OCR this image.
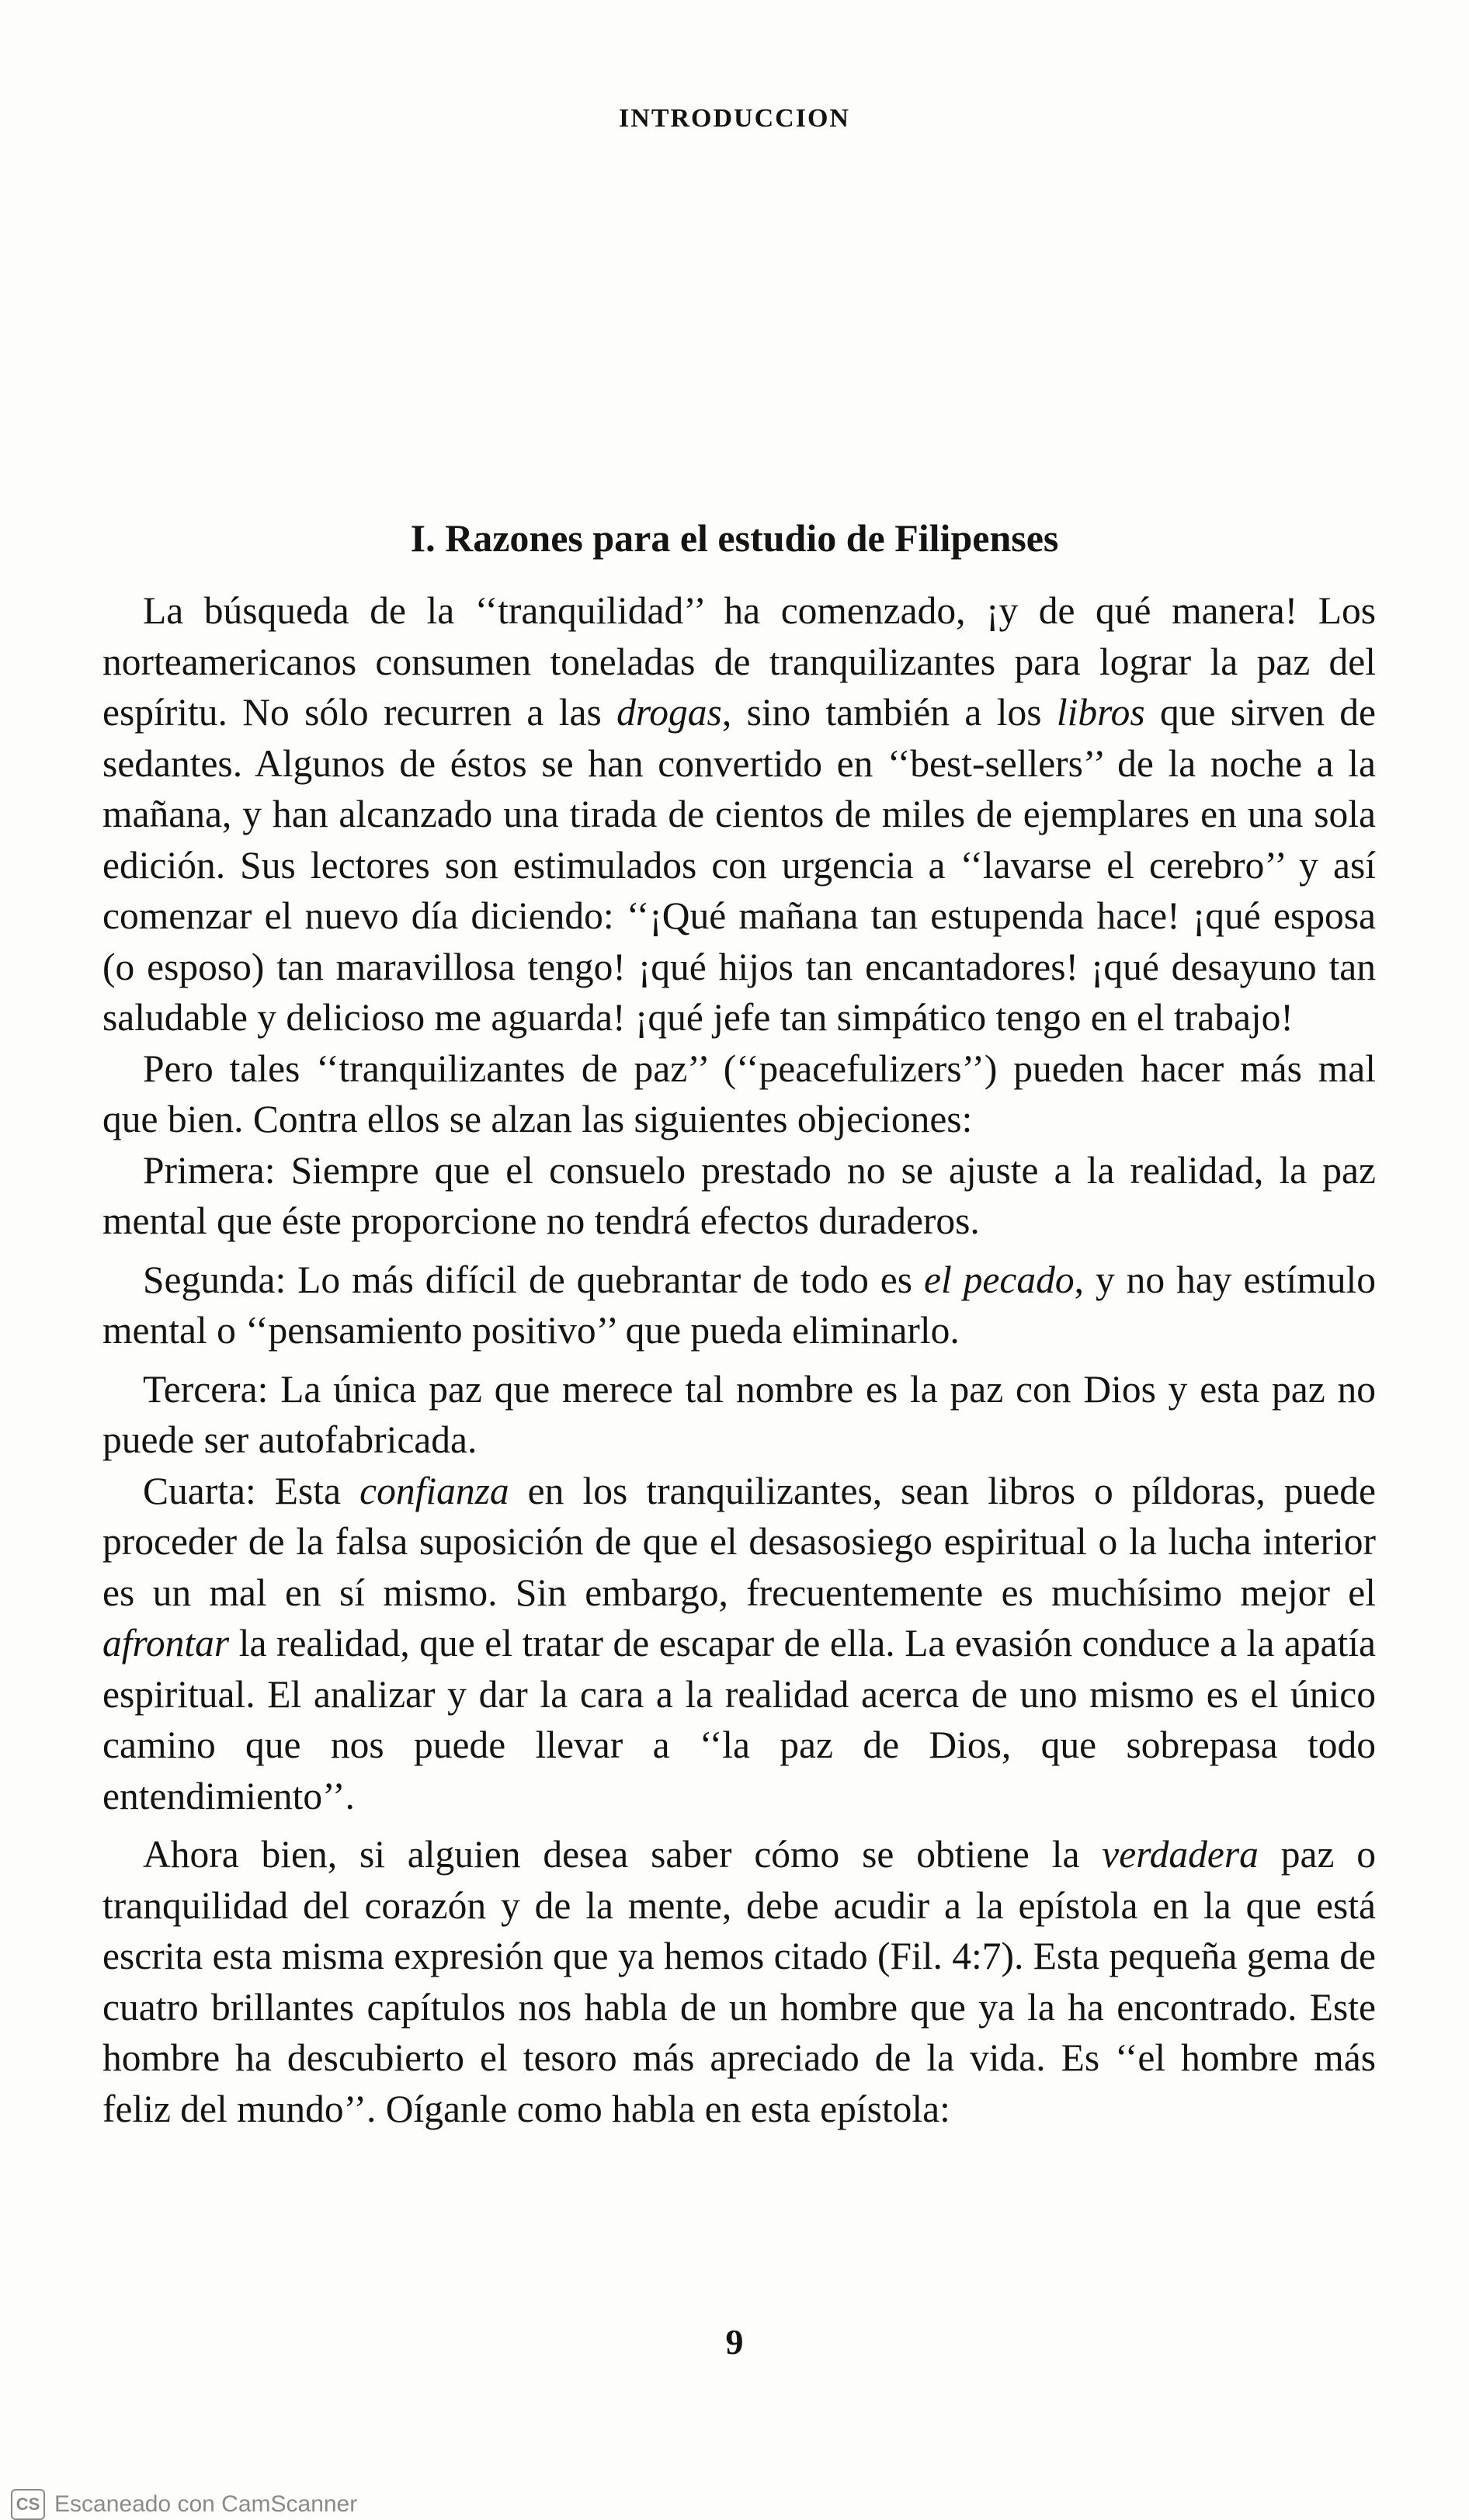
INTRODUCCION
I. Razones para el estudio de Filipenses

La búsqueda de la ‘‘tranquilidad’’ ha comenzado, ¡y de qué manera! Los norteamericanos consumen toneladas de tranquilizantes para lograr la paz del espíritu. No sólo recurren a las drogas, sino también a los libros que sirven de sedantes. Algunos de éstos se han convertido en ‘‘best-sellers’’ de la noche a la mañana, y han alcanzado una tirada de cientos de miles de ejemplares en una sola edición. Sus lectores son estimulados con urgencia a ‘‘lavarse el cerebro’’ y así comenzar el nuevo día diciendo: ‘‘¡Qué mañana tan estupenda hace! ¡qué esposa (o esposo) tan maravillosa tengo! ¡qué hijos tan encantadores! ¡qué desayuno tan saludable y delicioso me aguarda! ¡qué jefe tan simpático tengo en el trabajo!

Pero tales ‘‘tranquilizantes de paz’’ (‘‘peacefulizers’’) pueden hacer más mal que bien. Contra ellos se alzan las siguientes objeciones:

Primera: Siempre que el consuelo prestado no se ajuste a la realidad, la paz mental que éste proporcione no tendrá efectos duraderos.

Segunda: Lo más difícil de quebrantar de todo es el pecado, y no hay estímulo mental o ‘‘pensamiento positivo’’ que pueda eliminarlo.

Tercera: La única paz que merece tal nombre es la paz con Dios y esta paz no puede ser autofabricada.

Cuarta: Esta confianza en los tranquilizantes, sean libros o píldoras, puede proceder de la falsa suposición de que el desasosiego espiritual o la lucha interior es un mal en sí mismo. Sin embargo, frecuentemente es muchísimo mejor el afrontar la realidad, que el tratar de escapar de ella. La evasión conduce a la apatía espiritual. El analizar y dar la cara a la realidad acerca de uno mismo es el único camino que nos puede llevar a ‘‘la paz de Dios, que sobrepasa todo entendimiento’’.

Ahora bien, si alguien desea saber cómo se obtiene la verdadera paz o tranquilidad del corazón y de la mente, debe acudir a la epístola en la que está escrita esta misma expresión que ya hemos citado (Fil. 4:7). Esta pequeña gema de cuatro brillantes capítulos nos habla de un hombre que ya la ha encontrado. Este hombre ha descubierto el tesoro más apreciado de la vida. Es ‘‘el hombre más feliz del mundo’’. Oíganle como habla en esta epístola:

9
CS Escaneado con CamScanner
